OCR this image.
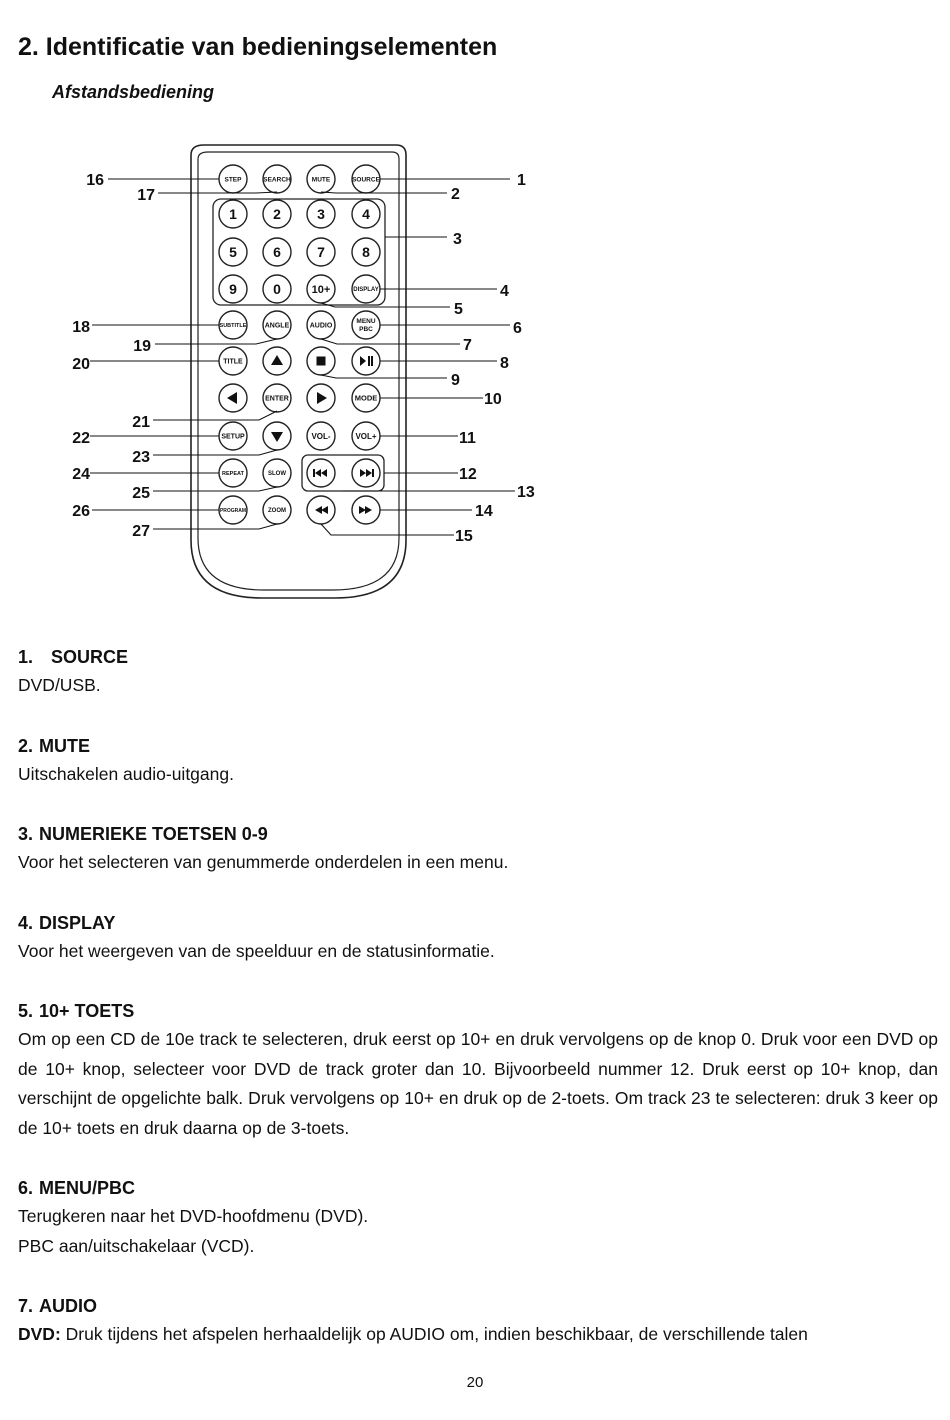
2. Identificatie van bedieningselementen
Afstandsbediening
STEP	SEARCH	MUTE	SOURCE
1	2	3	4
5	6	7	8
9	0	10+	DISPLAY
SUBTITLE	ANGLE	AUDIO
MENU
PBC
TITLE
ENTER	MODE
SETUP	VOL-	VOL+
REPEAT	SLOW
PROGRAM	ZOOM
1
2
3
4
5
6
7
8
9
10
11
12
13
14
15
16
17
18
19
20
21
22
23
24
25
26
27

1. SOURCE

DVD/USB.

2. MUTE

Uitschakelen audio-uitgang.

3. NUMERIEKE TOETSEN 0-9

Voor het selecteren van genummerde onderdelen in een menu.

4. DISPLAY

Voor het weergeven van de speelduur en de statusinformatie.

5. 10+ TOETS

Om op een CD de 10e track te selecteren, druk eerst op 10+ en druk vervolgens op de knop 0. Druk voor een DVD op de 10+ knop, selecteer voor DVD de track groter dan 10. Bijvoorbeeld nummer 12. Druk eerst op 10+ knop, dan verschijnt de opgelichte balk. Druk vervolgens op 10+ en druk op de 2-toets. Om track 23 te selecteren: druk 3 keer op de 10+ toets en druk daarna op de 3-toets.

6. MENU/PBC

Terugkeren naar het DVD-hoofdmenu (DVD).

PBC aan/uitschakelaar (VCD).

7. AUDIO

DVD: Druk tijdens het afspelen herhaaldelijk op AUDIO om, indien beschikbaar, de verschillende talen

20
